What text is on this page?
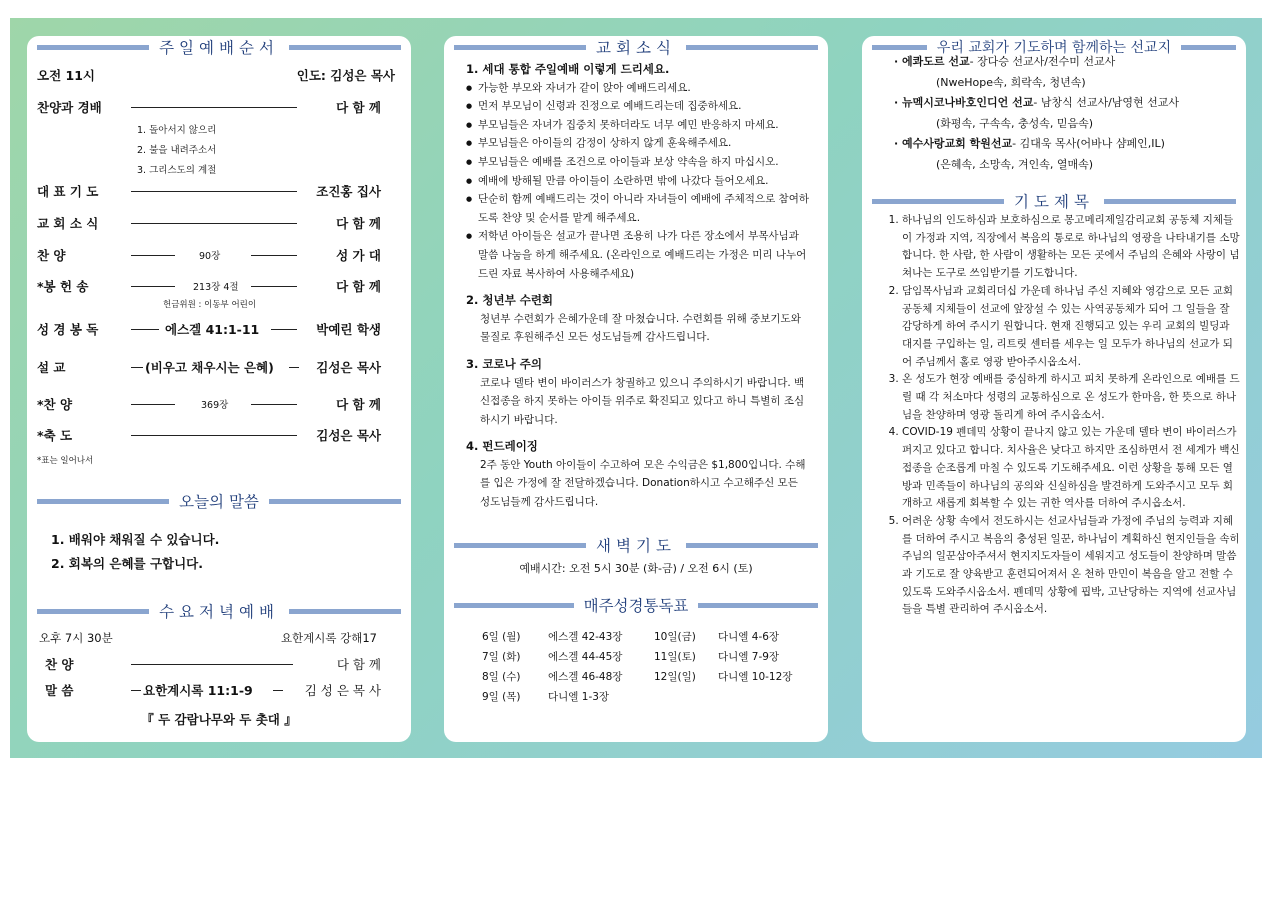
주일예배순서
오전 11시	인도: 김성은 목사
찬양과 경배	다 함 께
1. 돌아서지 않으리
2. 불을 내려주소서
3. 그리스도의 계절
대 표 기 도	조진홍 집사
교 회 소 식	다 함 께
찬 양	90장	성 가 대
*봉 헌 송	213장 4절	다 함 께
헌금위원 : 이동부 어린이
성 경 봉 독	에스겔 41:1-11	박예린 학생
설 교	(비우고 채우시는 은혜)	김성은 목사
*찬 양	369장	다 함 께
*축 도	김성은 목사
*표는 일어나서
오늘의 말씀
1. 배워야 채워질 수 있습니다.
2. 회복의 은혜를 구합니다.
수요저녁예배
오후 7시 30분	요한계시록 강해17
찬 양	다 함 께
말 씀	요한계시록 11:1-9	김 성 은 목 사
『 두 감람나무와 두 촛대 』
교회소식
1. 세대 통합 주일예배 이렇게 드리세요.
● 가능한 부모와 자녀가 같이 앉아 예배드리세요.
● 먼저 부모님이 신령과 진정으로 예배드리는데 집중하세요.
● 부모님들은 자녀가 집중치 못하더라도 너무 예민 반응하지 마세요.
● 부모님들은 아이들의 감정이 상하지 않게 훈육해주세요.
● 부모님들은 예배를 조건으로 아이들과 보상 약속을 하지 마십시오.
● 예배에 방해될 만큼 아이들이 소란하면 밖에 나갔다 들어오세요.
● 단순히 함께 예배드리는 것이 아니라 자녀들이 예배에 주체적으로 참여하도록 찬양 및 순서를 맡게 해주세요.
● 저학년 아이들은 설교가 끝나면 조용히 나가 다른 장소에서 부목사님과 말씀 나눔을 하게 해주세요. (온라인으로 예배드리는 가정은 미리 나누어드린 자료 복사하여 사용해주세요)
2. 청년부 수련회
청년부 수련회가 은혜가운데 잘 마쳤습니다. 수련회를 위해 중보기도와 물질로 후원해주신 모든 성도님들께 감사드립니다.
3. 코로나 주의
코로나 델타 변이 바이러스가 창궐하고 있으니 주의하시기 바랍니다. 백신접종을 하지 못하는 아이들 위주로 확진되고 있다고 하니 특별히 조심하시기 바랍니다.
4. 펀드레이징
2주 동안 Youth 아이들이 수고하여 모은 수익금은 $1,800입니다. 수해를 입은 가정에 잘 전달하겠습니다. Donation하시고 수고해주신 모든 성도님들께 감사드립니다.
새벽기도
예배시간: 오전 5시 30분 (화-금) / 오전 6시 (토)
매주성경통독표
6일 (월)	에스겔 42-43장	10일(금)	다니엘 4-6장
7일 (화)	에스겔 44-45장	11일(토)	다니엘 7-9장
8일 (수)	에스겔 46-48장	12일(일)	다니엘 10-12장
9일 (목)	다니엘 1-3장		
우리 교회가 기도하며 함께하는 선교지
· 에콰도르 선교- 장다승 선교사/전수미 선교사
(NweHope속, 희락속, 청년속)
· 뉴멕시코나바호인디언 선교- 남창식 선교사/남영현 선교사
(화평속, 구속속, 충성속, 믿음속)
· 예수사랑교회 학원선교- 김대욱 목사(어바나 샴페인,IL)
(은혜속, 소망속, 겨인속, 열매속)
기도제목
1. 하나님의 인도하심과 보호하심으로 몽고메리제일감리교회 공동체 지체들이 가정과 지역, 직장에서 복음의 통로로 하나님의 영광을 나타내기를 소망합니다. 한 사람, 한 사람이 생활하는 모든 곳에서 주님의 은혜와 사랑이 넘쳐나는 도구로 쓰임받기를 기도합니다.
2. 담임목사님과 교회리더십 가운데 하나님 주신 지혜와 영감으로 모든 교회공동체 지체들이 선교에 앞장설 수 있는 사역공동체가 되어 그 일들을 잘 감당하게 하여 주시기 원합니다. 현재 진행되고 있는 우리 교회의 빌딩과 대지를 구입하는 일, 리트릿 센터를 세우는 일 모두가 하나님의 선교가 되어 주님께서 홀로 영광 받아주시옵소서.
3. 온 성도가 현장 예배를 중심하게 하시고 피치 못하게 온라인으로 예배를 드릴 때 각 처소마다 성령의 교통하심으로 온 성도가 한마음, 한 뜻으로 하나님을 찬양하며 영광 돌리게 하여 주시옵소서.
4. COVID-19 펜데믹 상황이 끝나지 않고 있는 가운데 델타 변이 바이러스가 퍼지고 있다고 합니다. 치사율은 낮다고 하지만 조심하면서 전 세계가 백신 접종을 순조롭게 마칠 수 있도록 기도해주세요. 이런 상황을 통해 모든 열방과 민족들이 하나님의 공의와 신실하심을 발견하게 도와주시고 모두 회개하고 새롭게 회복할 수 있는 귀한 역사를 더하여 주시옵소서.
5. 어려운 상황 속에서 전도하시는 선교사님들과 가정에 주님의 능력과 지혜를 더하여 주시고 복음의 충성된 일꾼, 하나님이 계획하신 현지인들을 속히 주님의 일꾼삼아주셔서 현지지도자들이 세워지고 성도들이 찬양하며 말씀과 기도로 잘 양육받고 훈련되어져서 온 천하 만민이 복음을 알고 전할 수 있도록 도와주시옵소서. 펜데믹 상황에 핍박, 고난당하는 지역에 선교사님들을 특별 관리하여 주시옵소서.
